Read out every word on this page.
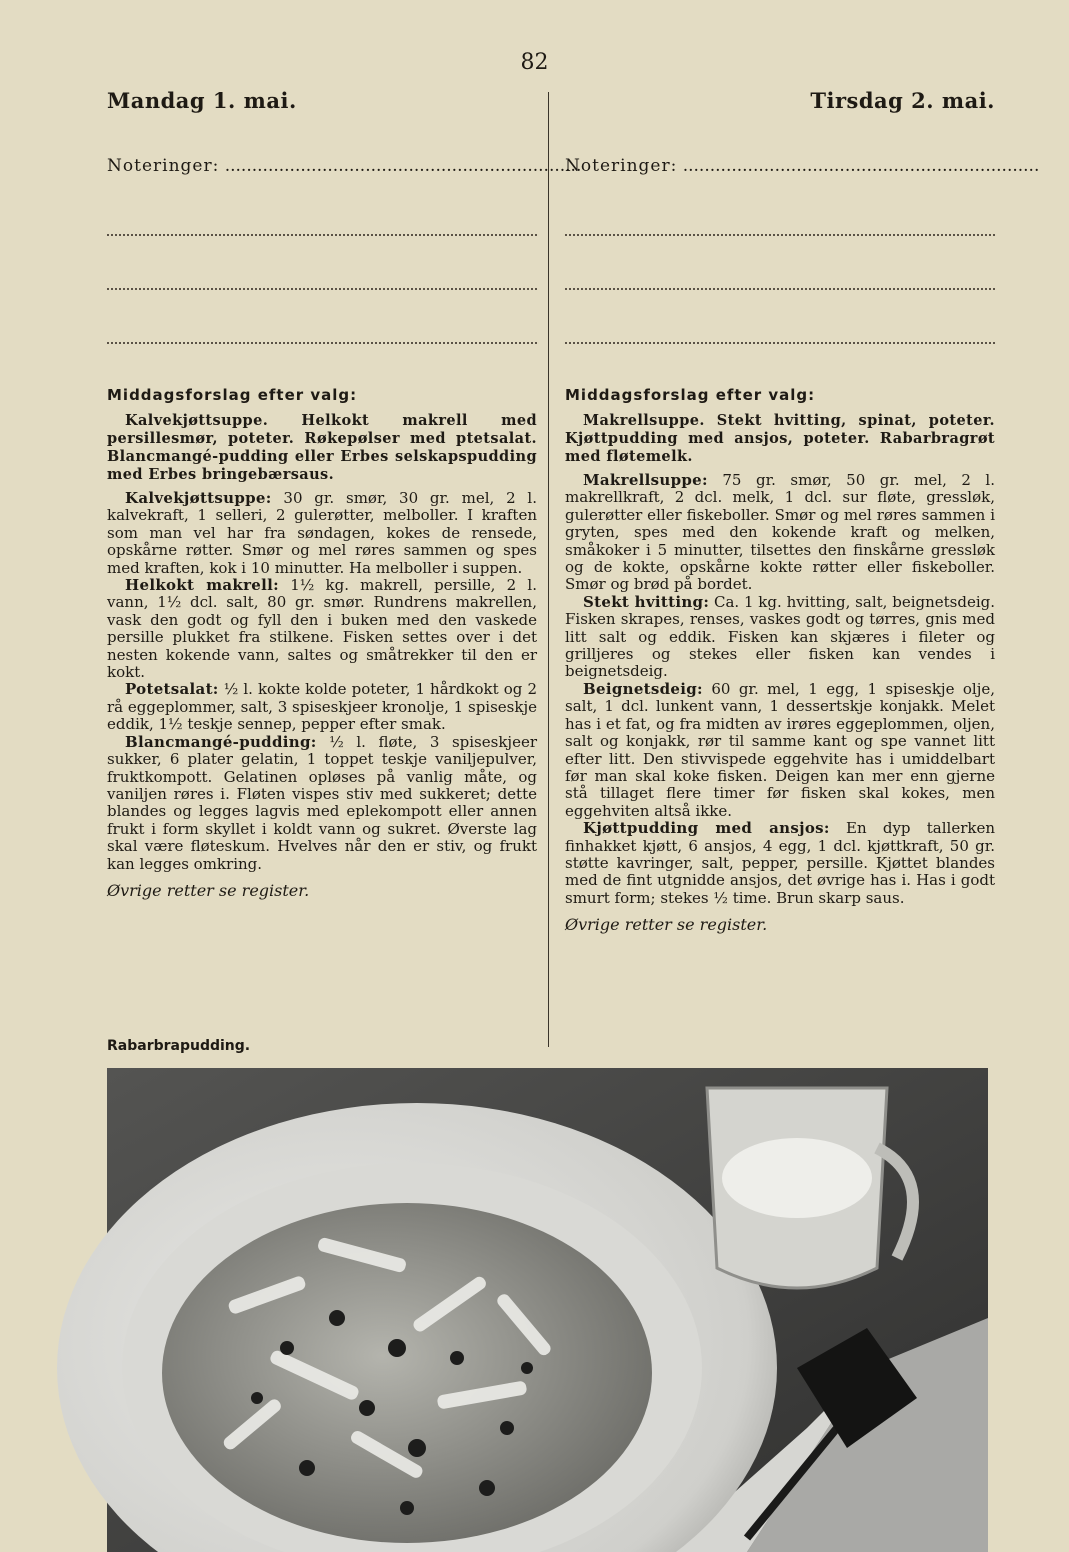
82
Mandag 1. mai.
Noteringer: ..................................................................
Middagsforslag efter valg:

Kalvekjøttsuppe. Helkokt makrell med persillesmør, poteter. Røkepølser med ptetsalat. Blancmangé-pudding eller Erbes selskapspudding med Erbes bringebærsaus.

Kalvekjøttsuppe: 30 gr. smør, 30 gr. mel, 2 l. kalvekraft, 1 selleri, 2 gulerøtter, melboller. I kraften som man vel har fra søndagen, kokes de rensede, opskårne røtter. Smør og mel røres sammen og spes med kraften, kok i 10 minutter. Ha melboller i suppen.

Helkokt makrell: 1½ kg. makrell, persille, 2 l. vann, 1½ dcl. salt, 80 gr. smør. Rundrens makrellen, vask den godt og fyll den i buken med den vaskede persille plukket fra stilkene. Fisken settes over i det nesten kokende vann, saltes og småtrekker til den er kokt.

Potetsalat: ½ l. kokte kolde poteter, 1 hårdkokt og 2 rå eggeplommer, salt, 3 spiseskjeer kronolje, 1 spiseskje eddik, 1½ teskje sennep, pepper efter smak.

Blancmangé-pudding: ½ l. fløte, 3 spiseskjeer sukker, 6 plater gelatin, 1 toppet teskje vaniljepulver, fruktkompott. Gelatinen opløses på vanlig måte, og vaniljen røres i. Fløten vispes stiv med sukkeret; dette blandes og legges lagvis med eplekompott eller annen frukt i form skyllet i koldt vann og sukret. Øverste lag skal være fløteskum. Hvelves når den er stiv, og frukt kan legges omkring.

Øvrige retter se register.
Tirsdag 2. mai.
Noteringer: ..................................................................
Middagsforslag efter valg:

Makrellsuppe. Stekt hvitting, spinat, poteter. Kjøttpudding med ansjos, poteter. Rabarbragrøt med fløtemelk.

Makrellsuppe: 75 gr. smør, 50 gr. mel, 2 l. makrellkraft, 2 dcl. melk, 1 dcl. sur fløte, gressløk, gulerøtter eller fiskeboller. Smør og mel røres sammen i gryten, spes med den kokende kraft og melken, småkoker i 5 minutter, tilsettes den finskårne gressløk og de kokte, opskårne kokte røtter eller fiskeboller. Smør og brød på bordet.

Stekt hvitting: Ca. 1 kg. hvitting, salt, beignetsdeig. Fisken skrapes, renses, vaskes godt og tørres, gnis med litt salt og eddik. Fisken kan skjæres i fileter og grilljeres og stekes eller fisken kan vendes i beignetsdeig.

Beignetsdeig: 60 gr. mel, 1 egg, 1 spiseskje olje, salt, 1 dcl. lunkent vann, 1 dessertskje konjakk. Melet has i et fat, og fra midten av irøres eggeplommen, oljen, salt og konjakk, rør til samme kant og spe vannet litt efter litt. Den stivvispede eggehvite has i umiddelbart før man skal koke fisken. Deigen kan mer enn gjerne stå tillaget flere timer før fisken skal kokes, men eggehviten altså ikke.

Kjøttpudding med ansjos: En dyp tallerken finhakket kjøtt, 6 ansjos, 4 egg, 1 dcl. kjøttkraft, 50 gr. støtte kavringer, salt, pepper, persille. Kjøttet blandes med de fint utgnidde ansjos, det øvrige has i. Has i godt smurt form; stekes ½ time. Brun skarp saus.

Øvrige retter se register.
Rabarbrapudding.
